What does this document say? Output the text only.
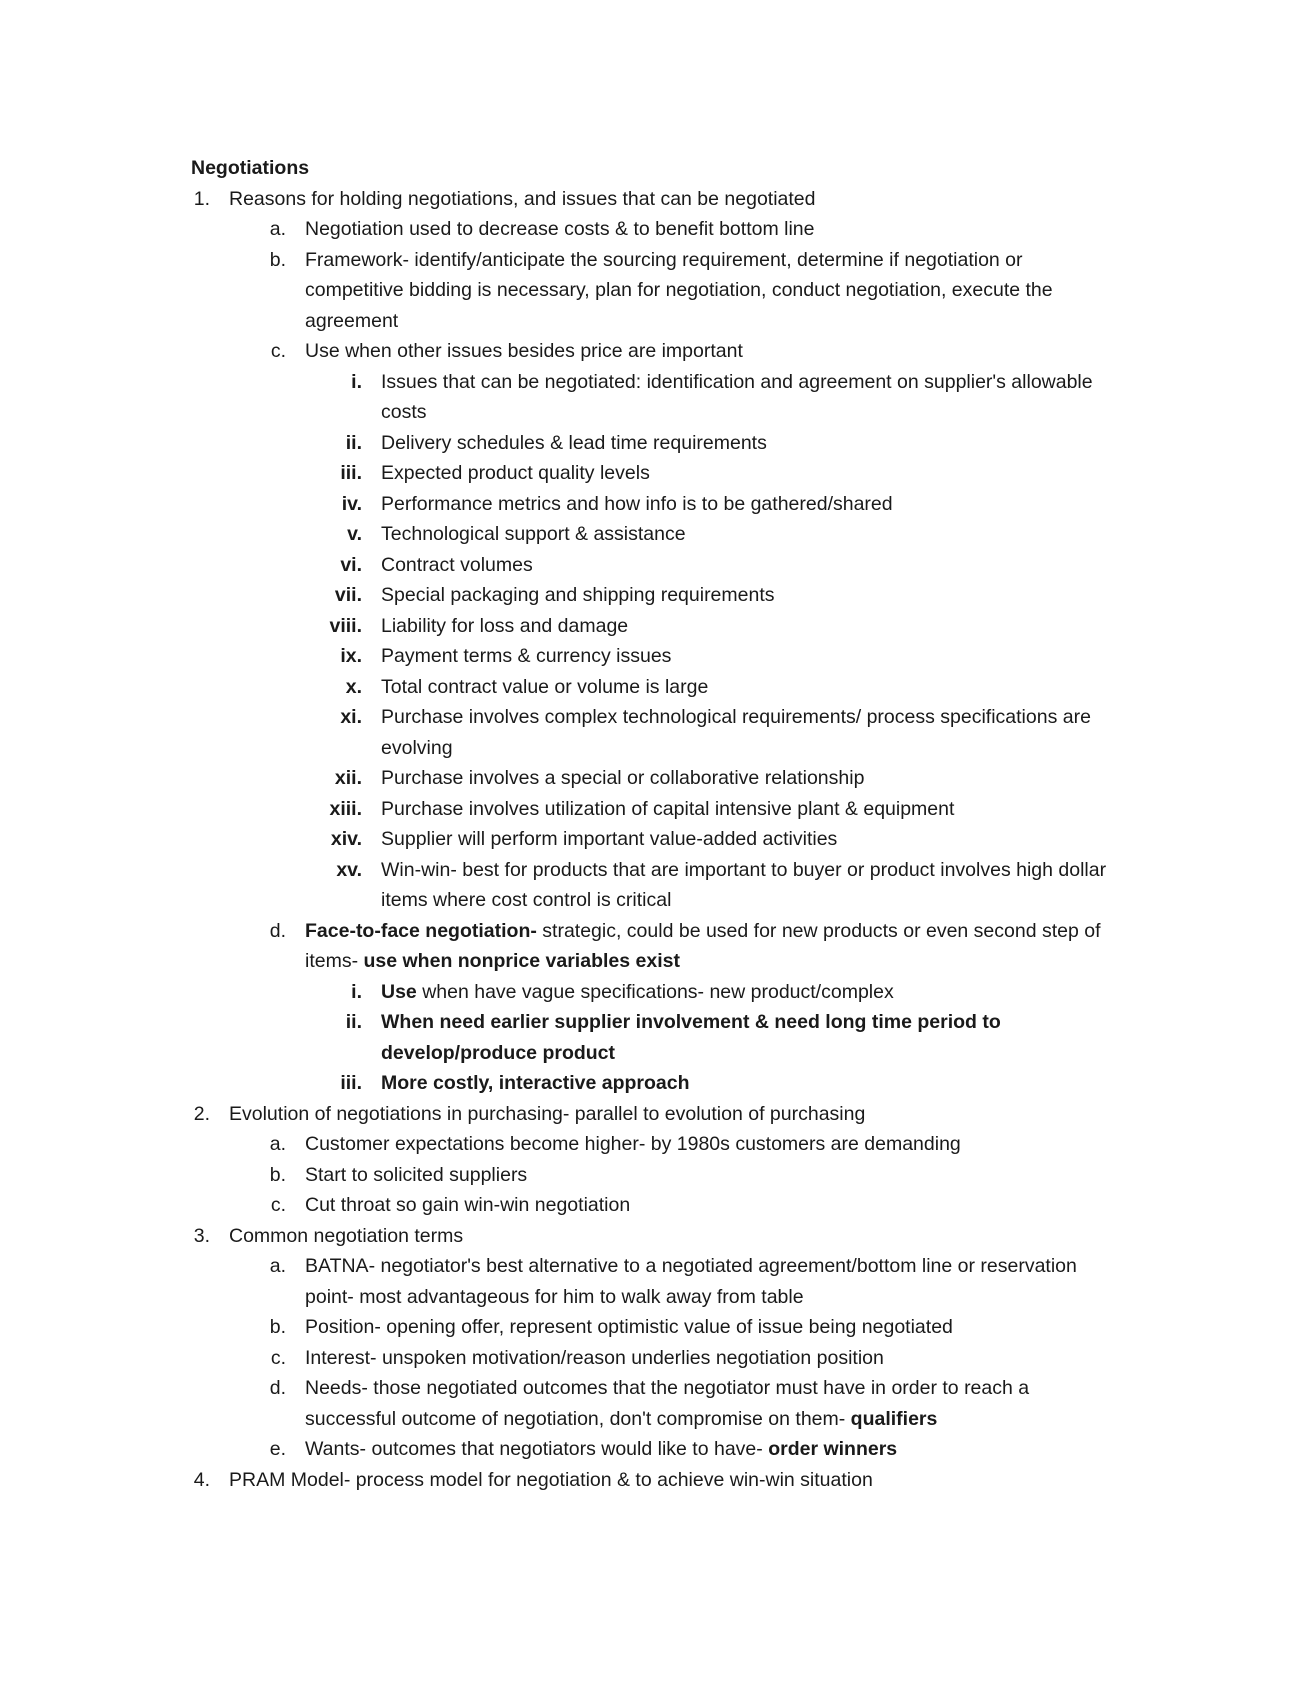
Negotiations
1. Reasons for holding negotiations, and issues that can be negotiated
a. Negotiation used to decrease costs & to benefit bottom line
b. Framework- identify/anticipate the sourcing requirement, determine if negotiation or competitive bidding is necessary, plan for negotiation, conduct negotiation, execute the agreement
c. Use when other issues besides price are important
i. Issues that can be negotiated: identification and agreement on supplier's allowable costs
ii. Delivery schedules & lead time requirements
iii. Expected product quality levels
iv. Performance metrics and how info is to be gathered/shared
v. Technological support & assistance
vi. Contract volumes
vii. Special packaging and shipping requirements
viii. Liability for loss and damage
ix. Payment terms & currency issues
x. Total contract value or volume is large
xi. Purchase involves complex technological requirements/ process specifications are evolving
xii. Purchase involves a special or collaborative relationship
xiii. Purchase involves utilization of capital intensive plant & equipment
xiv. Supplier will perform important value-added activities
xv. Win-win- best for products that are important to buyer or product involves high dollar items where cost control is critical
d. Face-to-face negotiation- strategic, could be used for new products or even second step of items- use when nonprice variables exist
i. Use when have vague specifications- new product/complex
ii. When need earlier supplier involvement & need long time period to develop/produce product
iii. More costly, interactive approach
2. Evolution of negotiations in purchasing- parallel to evolution of purchasing
a. Customer expectations become higher- by 1980s customers are demanding
b. Start to solicited suppliers
c. Cut throat so gain win-win negotiation
3. Common negotiation terms
a. BATNA- negotiator's best alternative to a negotiated agreement/bottom line or reservation point- most advantageous for him to walk away from table
b. Position- opening offer, represent optimistic value of issue being negotiated
c. Interest- unspoken motivation/reason underlies negotiation position
d. Needs- those negotiated outcomes that the negotiator must have in order to reach a successful outcome of negotiation, don't compromise on them- qualifiers
e. Wants- outcomes that negotiators would like to have- order winners
4. PRAM Model- process model for negotiation & to achieve win-win situation
